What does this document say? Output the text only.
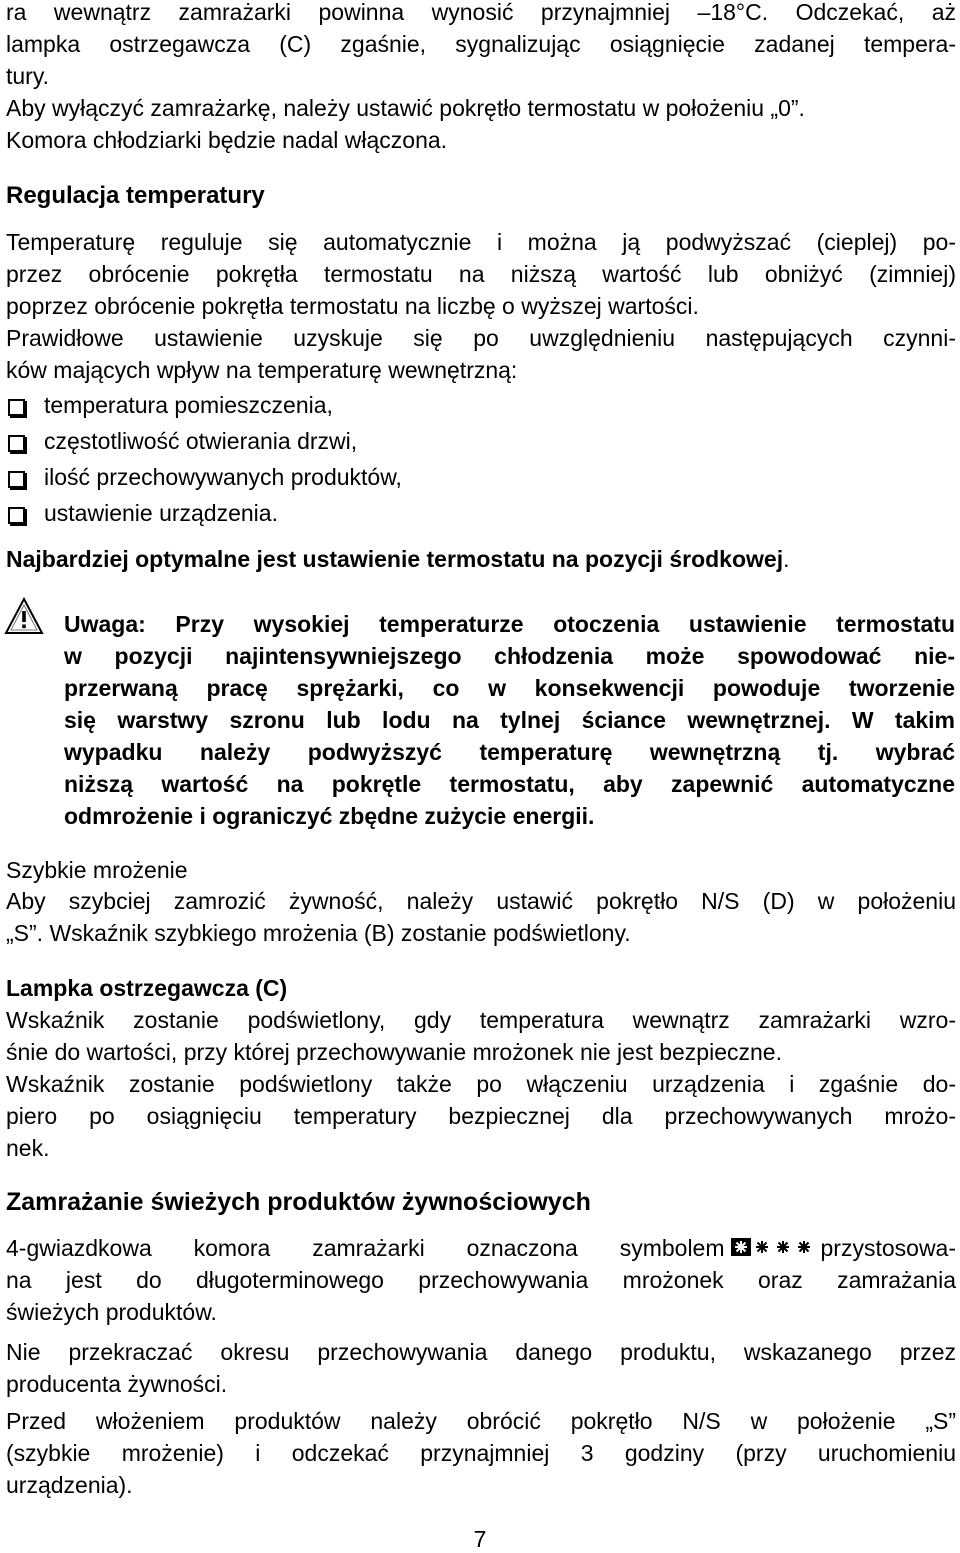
ra wewnątrz zamrażarki powinna wynosić przynajmniej –18°C. Odczekać, aż
lampka ostrzegawcza (C) zgaśnie, sygnalizując osiągnięcie zadanej tempera-
tury.
Aby wyłączyć zamrażarkę, należy ustawić pokrętło termostatu w położeniu „0”.
Komora chłodziarki będzie nadal włączona.
Regulacja temperatury
Temperaturę reguluje się automatycznie i można ją podwyższać (cieplej) po-
przez obrócenie pokrętła termostatu na niższą wartość lub obniżyć (zimniej)
poprzez obrócenie pokrętła termostatu na liczbę o wyższej wartości.
Prawidłowe ustawienie uzyskuje się po uwzględnieniu następujących czynni-
ków mających wpływ na temperaturę wewnętrzną:
temperatura pomieszczenia,
częstotliwość otwierania drzwi,
ilość przechowywanych produktów,
ustawienie urządzenia.
Najbardziej optymalne jest ustawienie termostatu na pozycji środkowej.
Uwaga: Przy wysokiej temperaturze otoczenia ustawienie termostatu
w pozycji najintensywniejszego chłodzenia może spowodować nie-
przerwaną pracę sprężarki, co w konsekwencji powoduje tworzenie
się warstwy szronu lub lodu na tylnej ściance wewnętrznej. W takim
wypadku należy podwyższyć temperaturę wewnętrzną tj. wybrać
niższą wartość na pokrętle termostatu, aby zapewnić automatyczne
odmrożenie i ograniczyć zbędne zużycie energii.
Szybkie mrożenie
Aby szybciej zamrozić żywność, należy ustawić pokrętło N/S (D) w położeniu
„S”. Wskaźnik szybkiego mrożenia (B) zostanie podświetlony.
Lampka ostrzegawcza (C)
Wskaźnik zostanie podświetlony, gdy temperatura wewnątrz zamrażarki wzro-
śnie do wartości, przy której przechowywanie mrożonek nie jest bezpieczne.
Wskaźnik zostanie podświetlony także po włączeniu urządzenia i zgaśnie do-
piero po osiągnięciu temperatury bezpiecznej dla przechowywanych mrożo-
nek.
Zamrażanie świeżych produktów żywnościowych
4-gwiazdkowa komora zamrażarki oznaczona symbolem	przystosowa-
na jest do długoterminowego przechowywania mrożonek oraz zamrażania
świeżych produktów.
Nie przekraczać okresu przechowywania danego produktu, wskazanego przez
producenta żywności.
Przed włożeniem produktów należy obrócić pokrętło N/S w położenie „S”
(szybkie mrożenie) i odczekać przynajmniej 3 godziny (przy uruchomieniu
urządzenia).
7
